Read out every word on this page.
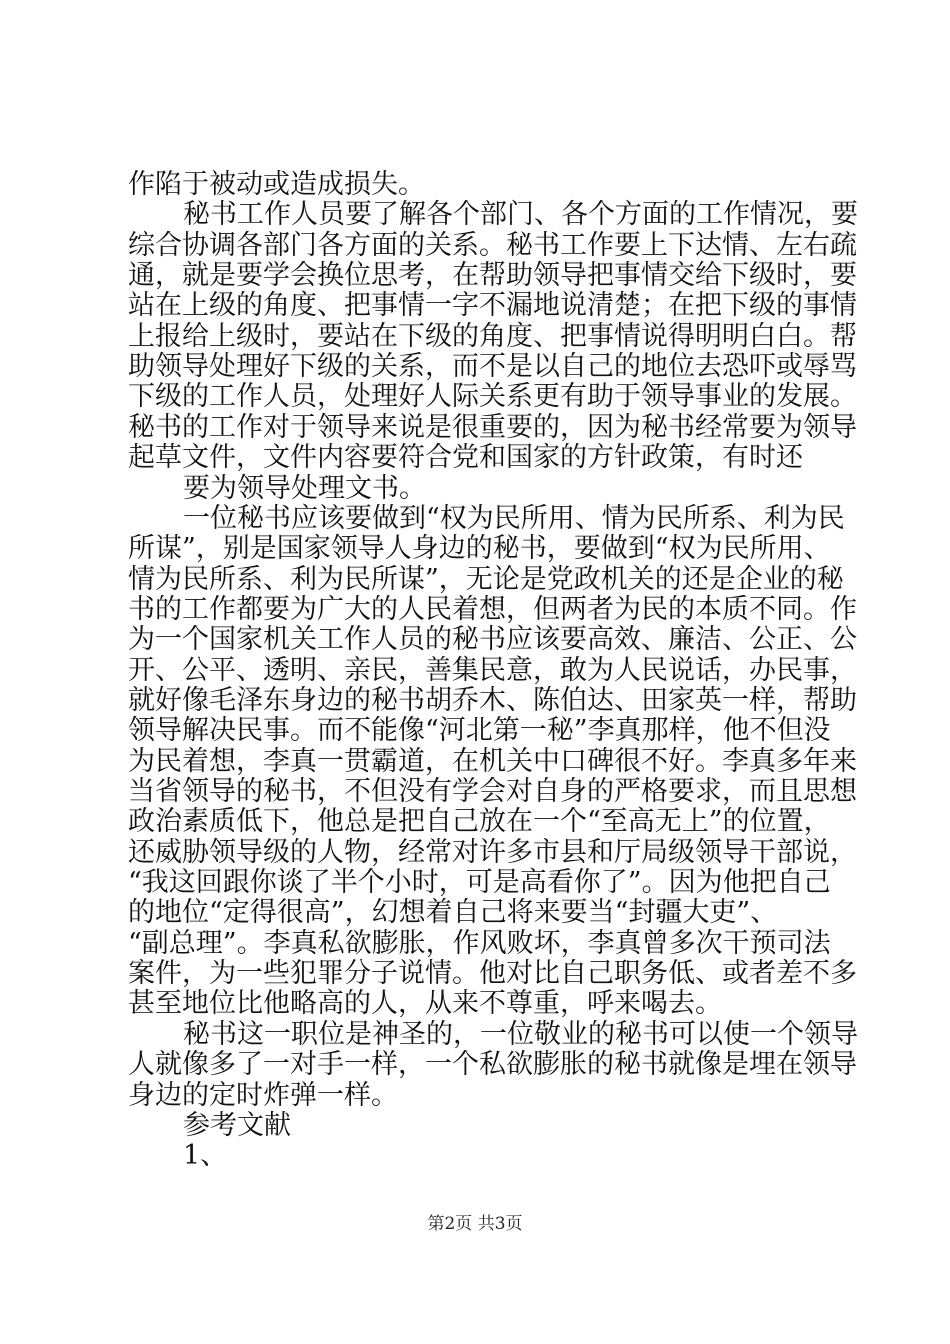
作陷于被动或造成损失。
秘书工作人员要了解各个部门、各个方面的工作情况，要
综合协调各部门各方面的关系。秘书工作要上下达情、左右疏
通，就是要学会换位思考，在帮助领导把事情交给下级时，要
站在上级的角度、把事情一字不漏地说清楚；在把下级的事情
上报给上级时，要站在下级的角度、把事情说得明明白白。帮
助领导处理好下级的关系，而不是以自己的地位去恐吓或辱骂
下级的工作人员，处理好人际关系更有助于领导事业的发展。
秘书的工作对于领导来说是很重要的，因为秘书经常要为领导
起草文件，文件内容要符合党和国家的方针政策，有时还
要为领导处理文书。
一位秘书应该要做到“权为民所用、情为民所系、利为民
所谋”，别是国家领导人身边的秘书，要做到“权为民所用、
情为民所系、利为民所谋”，无论是党政机关的还是企业的秘
书的工作都要为广大的人民着想，但两者为民的本质不同。作
为一个国家机关工作人员的秘书应该要高效、廉洁、公正、公
开、公平、透明、亲民，善集民意，敢为人民说话，办民事，
就好像毛泽东身边的秘书胡乔木、陈伯达、田家英一样，帮助
领导解决民事。而不能像“河北第一秘”李真那样，他不但没
为民着想，李真一贯霸道，在机关中口碑很不好。李真多年来
当省领导的秘书，不但没有学会对自身的严格要求，而且思想
政治素质低下，他总是把自己放在一个“至高无上”的位置，
还威胁领导级的人物，经常对许多市县和厅局级领导干部说，
“我这回跟你谈了半个小时，可是高看你了”。因为他把自己
的地位“定得很高”，幻想着自己将来要当“封疆大吏”、
“副总理”。李真私欲膨胀，作风败坏，李真曾多次干预司法
案件，为一些犯罪分子说情。他对比自己职务低、或者差不多
甚至地位比他略高的人，从来不尊重，呼来喝去。
秘书这一职位是神圣的，一位敬业的秘书可以使一个领导
人就像多了一对手一样，一个私欲膨胀的秘书就像是埋在领导
身边的定时炸弹一样。
参考文献
1、
第2页 共3页
